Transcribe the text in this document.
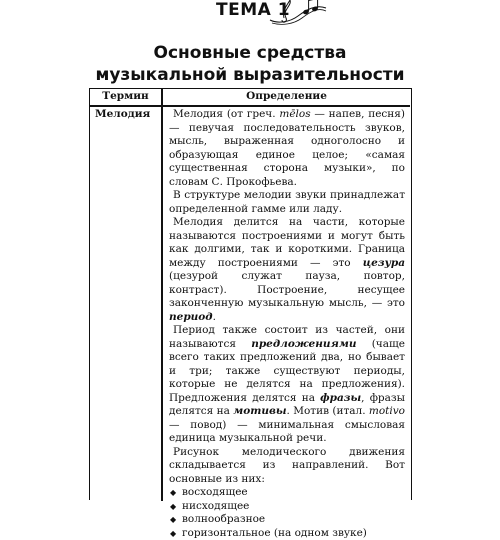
ТЕМА 1
Основные средства
музыкальной выразительности
Термин	Определение
Мелодия	Мелодия (от греч. mēlos — напев, песня) — певучая последовательность звуков, мысль, выраженная одноголосно и образующая единое целое; «самая существенная сторона музыки», по словам С. Прокофьева.

В структуре мелодии звуки принадлежат определенной гамме или ладу.

Мелодия делится на части, которые называются построениями и могут быть как долгими, так и короткими. Граница между построениями — это цезура (цезурой служат пауза, повтор, контраст). Построение, несущее законченную музыкальную мысль, — это период.

Период также состоит из частей, они называются предложениями (чаще всего таких предложений два, но бывает и три; также существуют периоды, которые не делятся на предложения). Предложения делятся на фразы, фразы делятся на мотивы. Мотив (итал. motivo — повод) — минимальная смысловая единица музыкальной речи.

Рисунок мелодического движения складывается из направлений. Вот основные из них:

◆ восходящее
◆ нисходящее
◆ волнообразное
◆ горизонтальное (на одном звуке)
